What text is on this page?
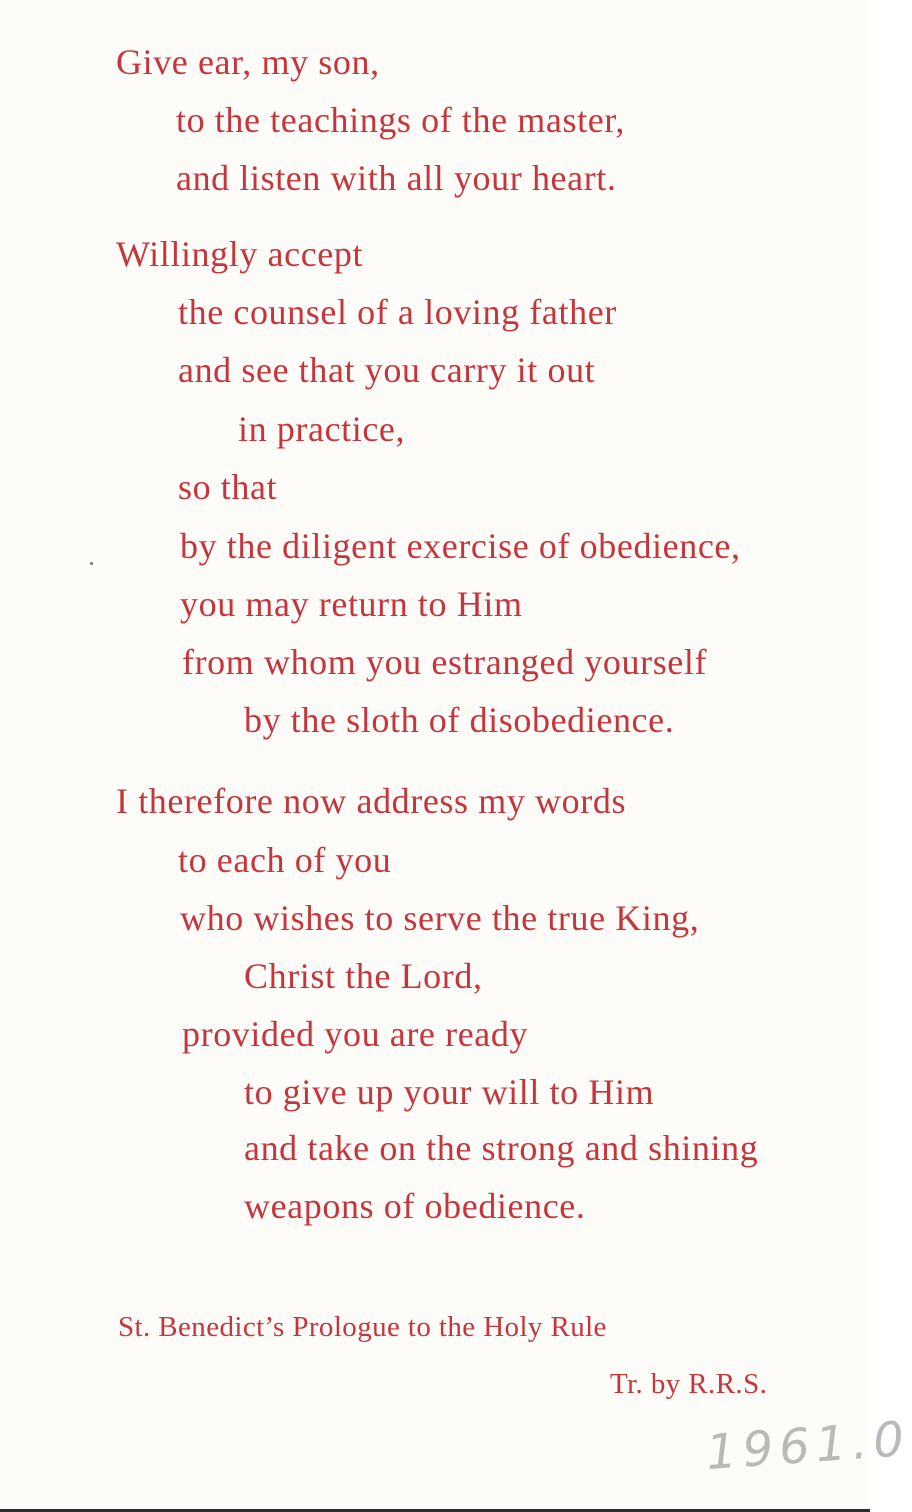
Give ear, my son,
to the teachings of the master,
and listen with all your heart.
Willingly accept
the counsel of a loving father
and see that you carry it out
in practice,
so that
by the diligent exercise of obedience,
you may return to Him
from whom you estranged yourself
by the sloth of disobedience.
I therefore now address my words
to each of you
who wishes to serve the true King,
Christ the Lord,
provided you are ready
to give up your will to Him
and take on the strong and shining
weapons of obedience.
St. Benedict’s Prologue to the Holy Rule
Tr. by R.R.S.
1961.0
